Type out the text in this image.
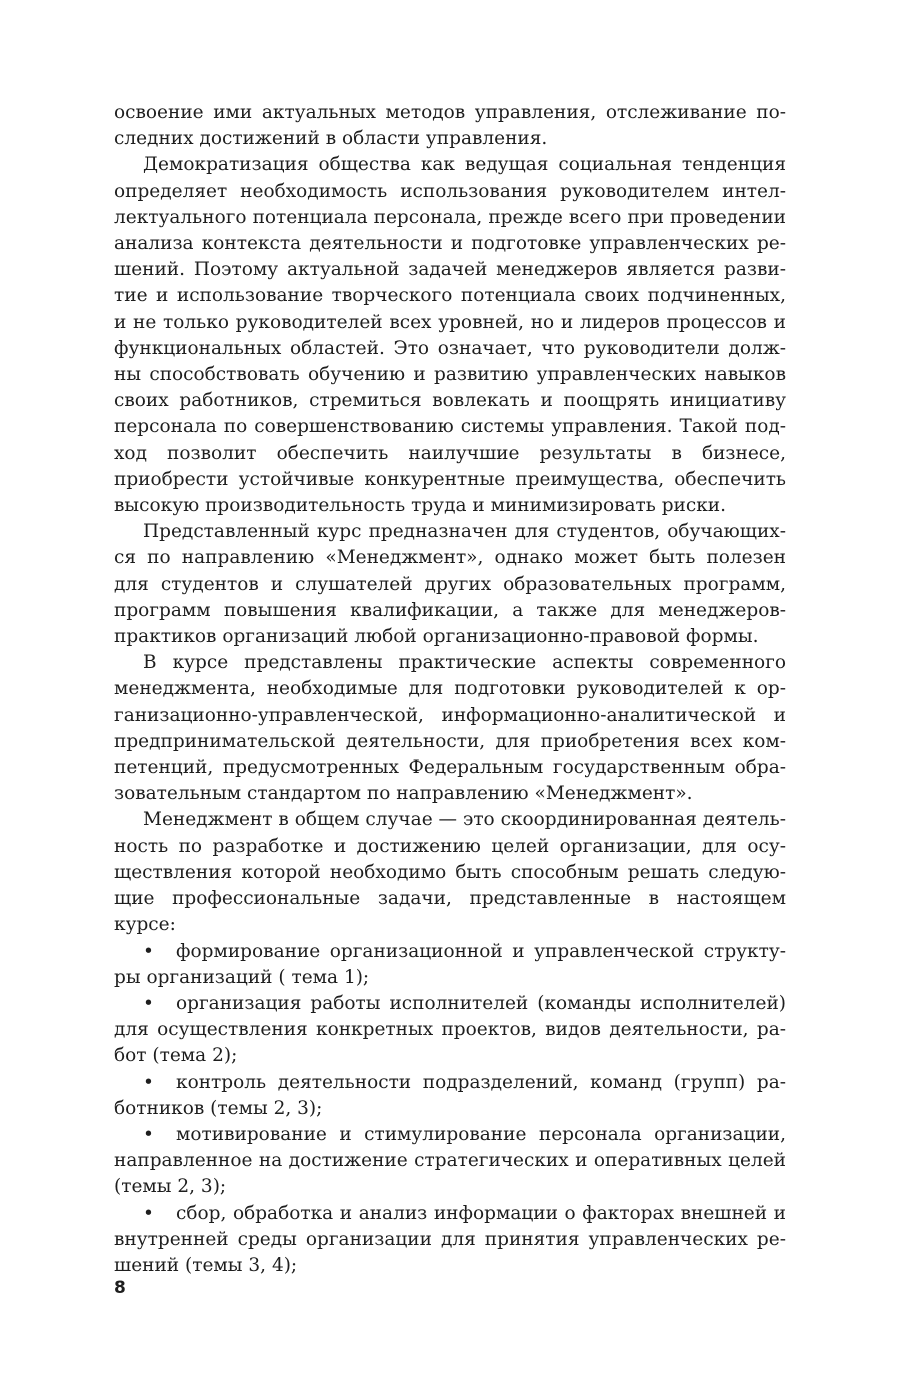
освоение ими актуальных методов управления, отслеживание последних достижений в области управления.

Демократизация общества как ведущая социальная тенденция определяет необходимость использования руководителем интеллектуального потенциала персонала, прежде всего при проведении анализа контекста деятельности и подготовке управленческих решений. Поэтому актуальной задачей менеджеров является развитие и использование творческого потенциала своих подчиненных, и не только руководителей всех уровней, но и лидеров процессов и функциональных областей. Это означает, что руководители должны способствовать обучению и развитию управленческих навыков своих работников, стремиться вовлекать и поощрять инициативу персонала по совершенствованию системы управления. Такой подход позволит обеспечить наилучшие результаты в бизнесе, приобрести устойчивые конкурентные преимущества, обеспечить высокую производительность труда и минимизировать риски.

Представленный курс предназначен для студентов, обучающихся по направлению «Менеджмент», однако может быть полезен для студентов и слушателей других образовательных программ, программ повышения квалификации, а также для менеджеров-практиков организаций любой организационно-правовой формы.

В курсе представлены практические аспекты современного менеджмента, необходимые для подготовки руководителей к организационно-управленческой, информационно-аналитической и предпринимательской деятельности, для приобретения всех компетенций, предусмотренных Федеральным государственным образовательным стандартом по направлению «Менеджмент».

Менеджмент в общем случае — это скоординированная деятельность по разработке и достижению целей организации, для осуществления которой необходимо быть способным решать следующие профессиональные задачи, представленные в настоящем курсе:

• формирование организационной и управленческой структуры организаций ( тема 1);
• организация работы исполнителей (команды исполнителей) для осуществления конкретных проектов, видов деятельности, работ (тема 2);
• контроль деятельности подразделений, команд (групп) работников (темы 2, 3);
• мотивирование и стимулирование персонала организации, направленное на достижение стратегических и оперативных целей (темы 2, 3);
• сбор, обработка и анализ информации о факторах внешней и внутренней среды организации для принятия управленческих решений (темы 3, 4);
8
